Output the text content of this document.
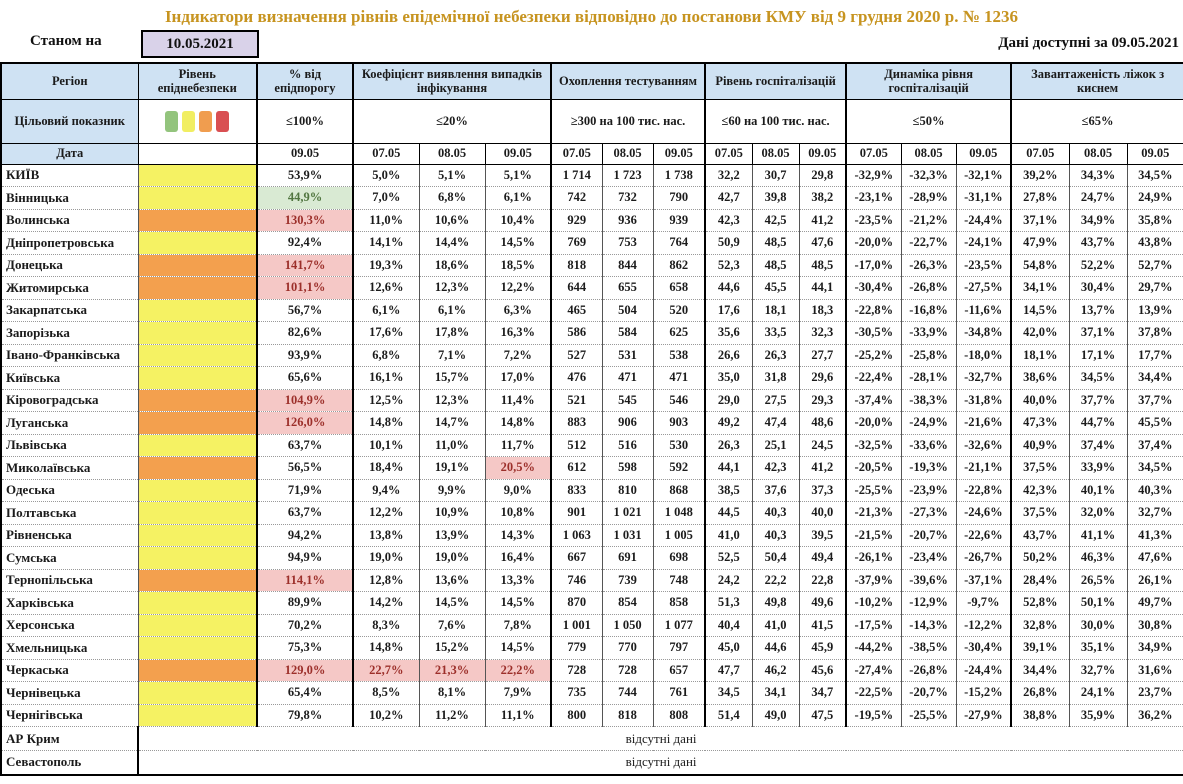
Індикатори визначення рівнів епідемічної небезпеки відповідно до постанови КМУ від 9 грудня 2020 р. № 1236
Станом на	10.05.2021	Дані доступні за 09.05.2021
Регіон	Рівень епіднебезпеки	% від епідпорогу	Коефіцієнт виявлення випадків інфікування			Охоплення тестуванням			Рівень госпіталізацій			Динаміка рівня госпіталізацій			Завантаженість ліжок з киснем		
Цільовий показник		≤100%	≤20%			≥300 на 100 тис. нас.			≤60 на 100 тис. нас.			≤50%			≤65%		
Дата		09.05	07.05	08.05	09.05	07.05	08.05	09.05	07.05	08.05	09.05	07.05	08.05	09.05	07.05	08.05	09.05
КИЇВ		53,9%	5,0%	5,1%	5,1%	1 714	1 723	1 738	32,2	30,7	29,8	-32,9%	-32,3%	-32,1%	39,2%	34,3%	34,5%
Вінницька		44,9%	7,0%	6,8%	6,1%	742	732	790	42,7	39,8	38,2	-23,1%	-28,9%	-31,1%	27,8%	24,7%	24,9%
Волинська		130,3%	11,0%	10,6%	10,4%	929	936	939	42,3	42,5	41,2	-23,5%	-21,2%	-24,4%	37,1%	34,9%	35,8%
Дніпропетровська		92,4%	14,1%	14,4%	14,5%	769	753	764	50,9	48,5	47,6	-20,0%	-22,7%	-24,1%	47,9%	43,7%	43,8%
Донецька		141,7%	19,3%	18,6%	18,5%	818	844	862	52,3	48,5	48,5	-17,0%	-26,3%	-23,5%	54,8%	52,2%	52,7%
Житомирська		101,1%	12,6%	12,3%	12,2%	644	655	658	44,6	45,5	44,1	-30,4%	-26,8%	-27,5%	34,1%	30,4%	29,7%
Закарпатська		56,7%	6,1%	6,1%	6,3%	465	504	520	17,6	18,1	18,3	-22,8%	-16,8%	-11,6%	14,5%	13,7%	13,9%
Запорізька		82,6%	17,6%	17,8%	16,3%	586	584	625	35,6	33,5	32,3	-30,5%	-33,9%	-34,8%	42,0%	37,1%	37,8%
Івано-Франківська		93,9%	6,8%	7,1%	7,2%	527	531	538	26,6	26,3	27,7	-25,2%	-25,8%	-18,0%	18,1%	17,1%	17,7%
Київська		65,6%	16,1%	15,7%	17,0%	476	471	471	35,0	31,8	29,6	-22,4%	-28,1%	-32,7%	38,6%	34,5%	34,4%
Кіровоградська		104,9%	12,5%	12,3%	11,4%	521	545	546	29,0	27,5	29,3	-37,4%	-38,3%	-31,8%	40,0%	37,7%	37,7%
Луганська		126,0%	14,8%	14,7%	14,8%	883	906	903	49,2	47,4	48,6	-20,0%	-24,9%	-21,6%	47,3%	44,7%	45,5%
Львівська		63,7%	10,1%	11,0%	11,7%	512	516	530	26,3	25,1	24,5	-32,5%	-33,6%	-32,6%	40,9%	37,4%	37,4%
Миколаївська		56,5%	18,4%	19,1%	20,5%	612	598	592	44,1	42,3	41,2	-20,5%	-19,3%	-21,1%	37,5%	33,9%	34,5%
Одеська		71,9%	9,4%	9,9%	9,0%	833	810	868	38,5	37,6	37,3	-25,5%	-23,9%	-22,8%	42,3%	40,1%	40,3%
Полтавська		63,7%	12,2%	10,9%	10,8%	901	1 021	1 048	44,5	40,3	40,0	-21,3%	-27,3%	-24,6%	37,5%	32,0%	32,7%
Рівненська		94,2%	13,8%	13,9%	14,3%	1 063	1 031	1 005	41,0	40,3	39,5	-21,5%	-20,7%	-22,6%	43,7%	41,1%	41,3%
Сумська		94,9%	19,0%	19,0%	16,4%	667	691	698	52,5	50,4	49,4	-26,1%	-23,4%	-26,7%	50,2%	46,3%	47,6%
Тернопільська		114,1%	12,8%	13,6%	13,3%	746	739	748	24,2	22,2	22,8	-37,9%	-39,6%	-37,1%	28,4%	26,5%	26,1%
Харківська		89,9%	14,2%	14,5%	14,5%	870	854	858	51,3	49,8	49,6	-10,2%	-12,9%	-9,7%	52,8%	50,1%	49,7%
Херсонська		70,2%	8,3%	7,6%	7,8%	1 001	1 050	1 077	40,4	41,0	41,5	-17,5%	-14,3%	-12,2%	32,8%	30,0%	30,8%
Хмельницька		75,3%	14,8%	15,2%	14,5%	779	770	797	45,0	44,6	45,9	-44,2%	-38,5%	-30,4%	39,1%	35,1%	34,9%
Черкаська		129,0%	22,7%	21,3%	22,2%	728	728	657	47,7	46,2	45,6	-27,4%	-26,8%	-24,4%	34,4%	32,7%	31,6%
Чернівецька		65,4%	8,5%	8,1%	7,9%	735	744	761	34,5	34,1	34,7	-22,5%	-20,7%	-15,2%	26,8%	24,1%	23,7%
Чернігівська		79,8%	10,2%	11,2%	11,1%	800	818	808	51,4	49,0	47,5	-19,5%	-25,5%	-27,9%	38,8%	35,9%	36,2%
АР Крим	відсутні дані																
Севастополь	відсутні дані																
